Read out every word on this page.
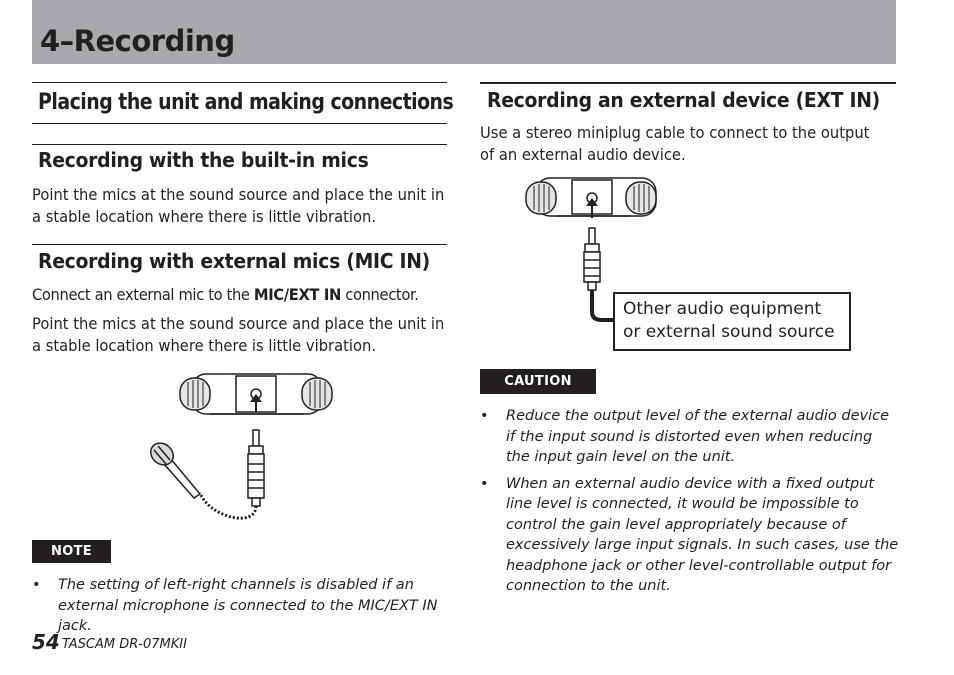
4–Recording
Placing the unit and making connections
Recording with the built-in mics

Point the mics at the sound source and place the unit in a stable location where there is little vibration.

Recording with external mics (MIC IN)

Connect an external mic to the MIC/EXT IN connector.

Point the mics at the sound source and place the unit in a stable location where there is little vibration.

NOTE
• The setting of left-right channels is disabled if an external microphone is connected to the MIC/EXT IN jack.
Recording an external device (EXT IN)

Use a stereo miniplug cable to connect to the output of an external audio device.

Other audio equipment or external sound source
CAUTION
• Reduce the output level of the external audio device if the input sound is distorted even when reducing the input gain level on the unit.
• When an external audio device with a fixed output line level is connected, it would be impossible to control the gain level appropriately because of excessively large input signals. In such cases, use the headphone jack or other level-controllable output for connection to the unit.
54 TASCAM DR-07MKII
